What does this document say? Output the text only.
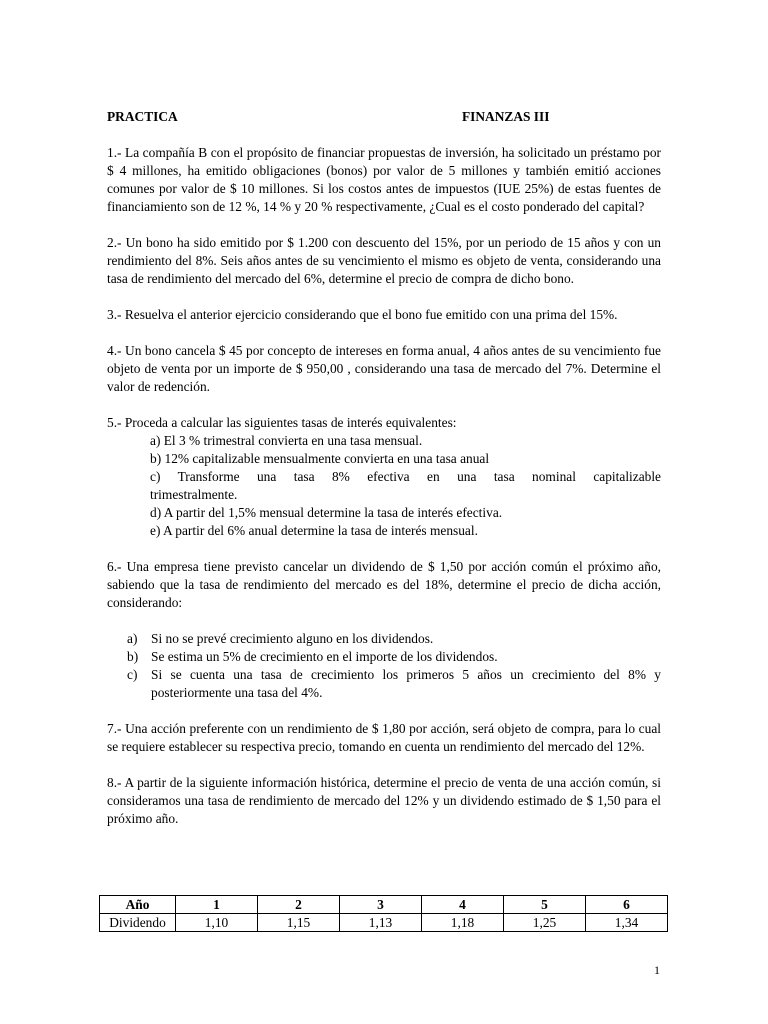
PRACTICA	FINANZAS III
1.- La compañía B con el propósito de financiar propuestas de inversión, ha solicitado un préstamo por $ 4 millones, ha emitido obligaciones (bonos) por valor de 5 millones y también emitió acciones comunes por valor de $ 10 millones. Si los costos antes de impuestos (IUE 25%) de estas fuentes de financiamiento son de 12 %, 14 % y 20 % respectivamente, ¿Cual es el costo ponderado del capital?
2.- Un bono ha sido emitido por $ 1.200 con descuento del 15%, por un periodo de 15 años y con un rendimiento del 8%. Seis años antes de su vencimiento el mismo es objeto de venta, considerando una tasa de rendimiento del mercado del 6%, determine el precio de compra de dicho bono.
3.- Resuelva el anterior ejercicio considerando que el bono fue emitido con una prima del 15%.
4.- Un bono cancela $ 45 por concepto de intereses en forma anual, 4 años antes de su vencimiento fue objeto de venta por un importe de $ 950,00 , considerando una tasa de mercado del 7%. Determine el valor de redención.

5.- Proceda a calcular las siguientes tasas de interés equivalentes:

a) El 3 % trimestral convierta en una tasa mensual.
b) 12% capitalizable mensualmente convierta en una tasa anual
c) Transforme una tasa 8% efectiva en una tasa nominal capitalizable
trimestralmente.
d) A partir del 1,5% mensual determine la tasa de interés efectiva.
e) A partir del 6% anual determine la tasa de interés mensual.

6.- Una empresa tiene previsto cancelar un dividendo de $ 1,50 por acción común el próximo año, sabiendo que la tasa de rendimiento del mercado es del 18%, determine el precio de dicha acción, considerando:

a)	Si no se prevé crecimiento alguno en los dividendos.
b) Se estima un 5% de crecimiento en el importe de los dividendos.
c)	Si se cuenta una tasa de crecimiento los primeros 5 años un crecimiento del 8% y posteriormente una tasa del 4%.
7.- Una acción preferente con un rendimiento de $ 1,80 por acción, será objeto de compra, para lo cual se requiere establecer su respectiva precio, tomando en cuenta un rendimiento del mercado del 12%.
8.- A partir de la siguiente información histórica, determine el precio de venta de una acción común, si consideramos una tasa de rendimiento de mercado del 12% y un dividendo estimado de $ 1,50 para el próximo año.
Año	1	2	3	4	5	6
Dividendo	1,10	1,15	1,13	1,18	1,25	1,34
1
